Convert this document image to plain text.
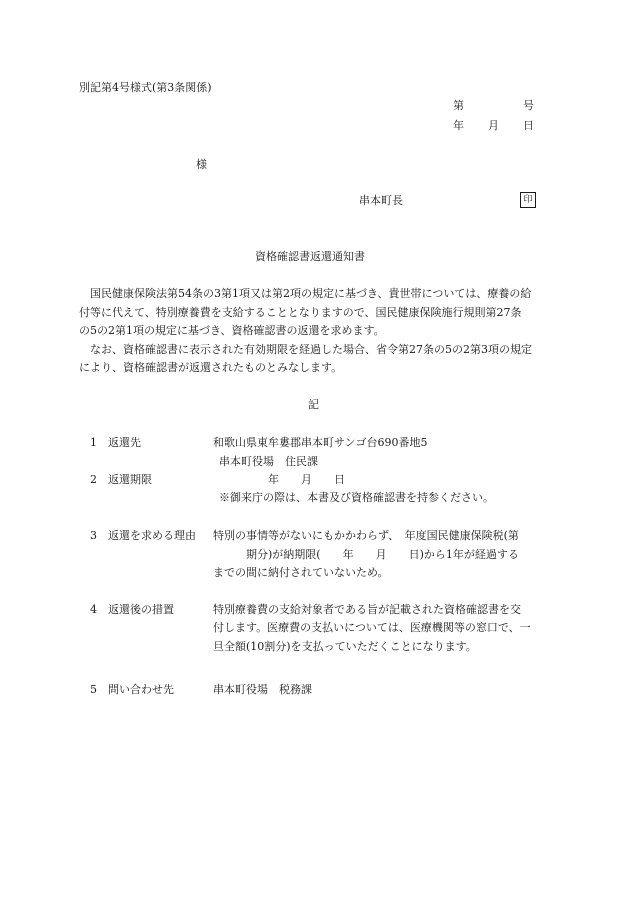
別記第4号様式(第3条関係)
第	号
年 月 日
様
串本町長	印
資格確認書返還通知書
　国民健康保険法第54条の3第1項又は第2項の規定に基づき、貴世帯については、療養の給
付等に代えて、特別療養費を支給することとなりますので、国民健康保険施行規則第27条
の5の2第1項の規定に基づき、資格確認書の返還を求めます。
　なお、資格確認書に表示された有効期限を経過した場合、省令第27条の5の2第3項の規定
により、資格確認書が返還されたものとみなします。
記
1 返還先	和歌山県東牟婁郡串本町サンゴ台690番地5
　串本町役場　住民課
2 返還期限	年　　月　　日
※御来庁の際は、本書及び資格確認書を持参ください。
3 返還を求める理由 特別の事情等がないにもかかわらず、　年度国民健康保険税(第
期分)が納期限(　　年　　月　　日)から1年が経過する
までの間に納付されていないため。
4 返還後の措置	特別療養費の支給対象者である旨が記載された資格確認書を交
付します。医療費の支払いについては、医療機関等の窓口で、一
旦全額(10割分)を支払っていただくことになります。
5 問い合わせ先	串本町役場　税務課
